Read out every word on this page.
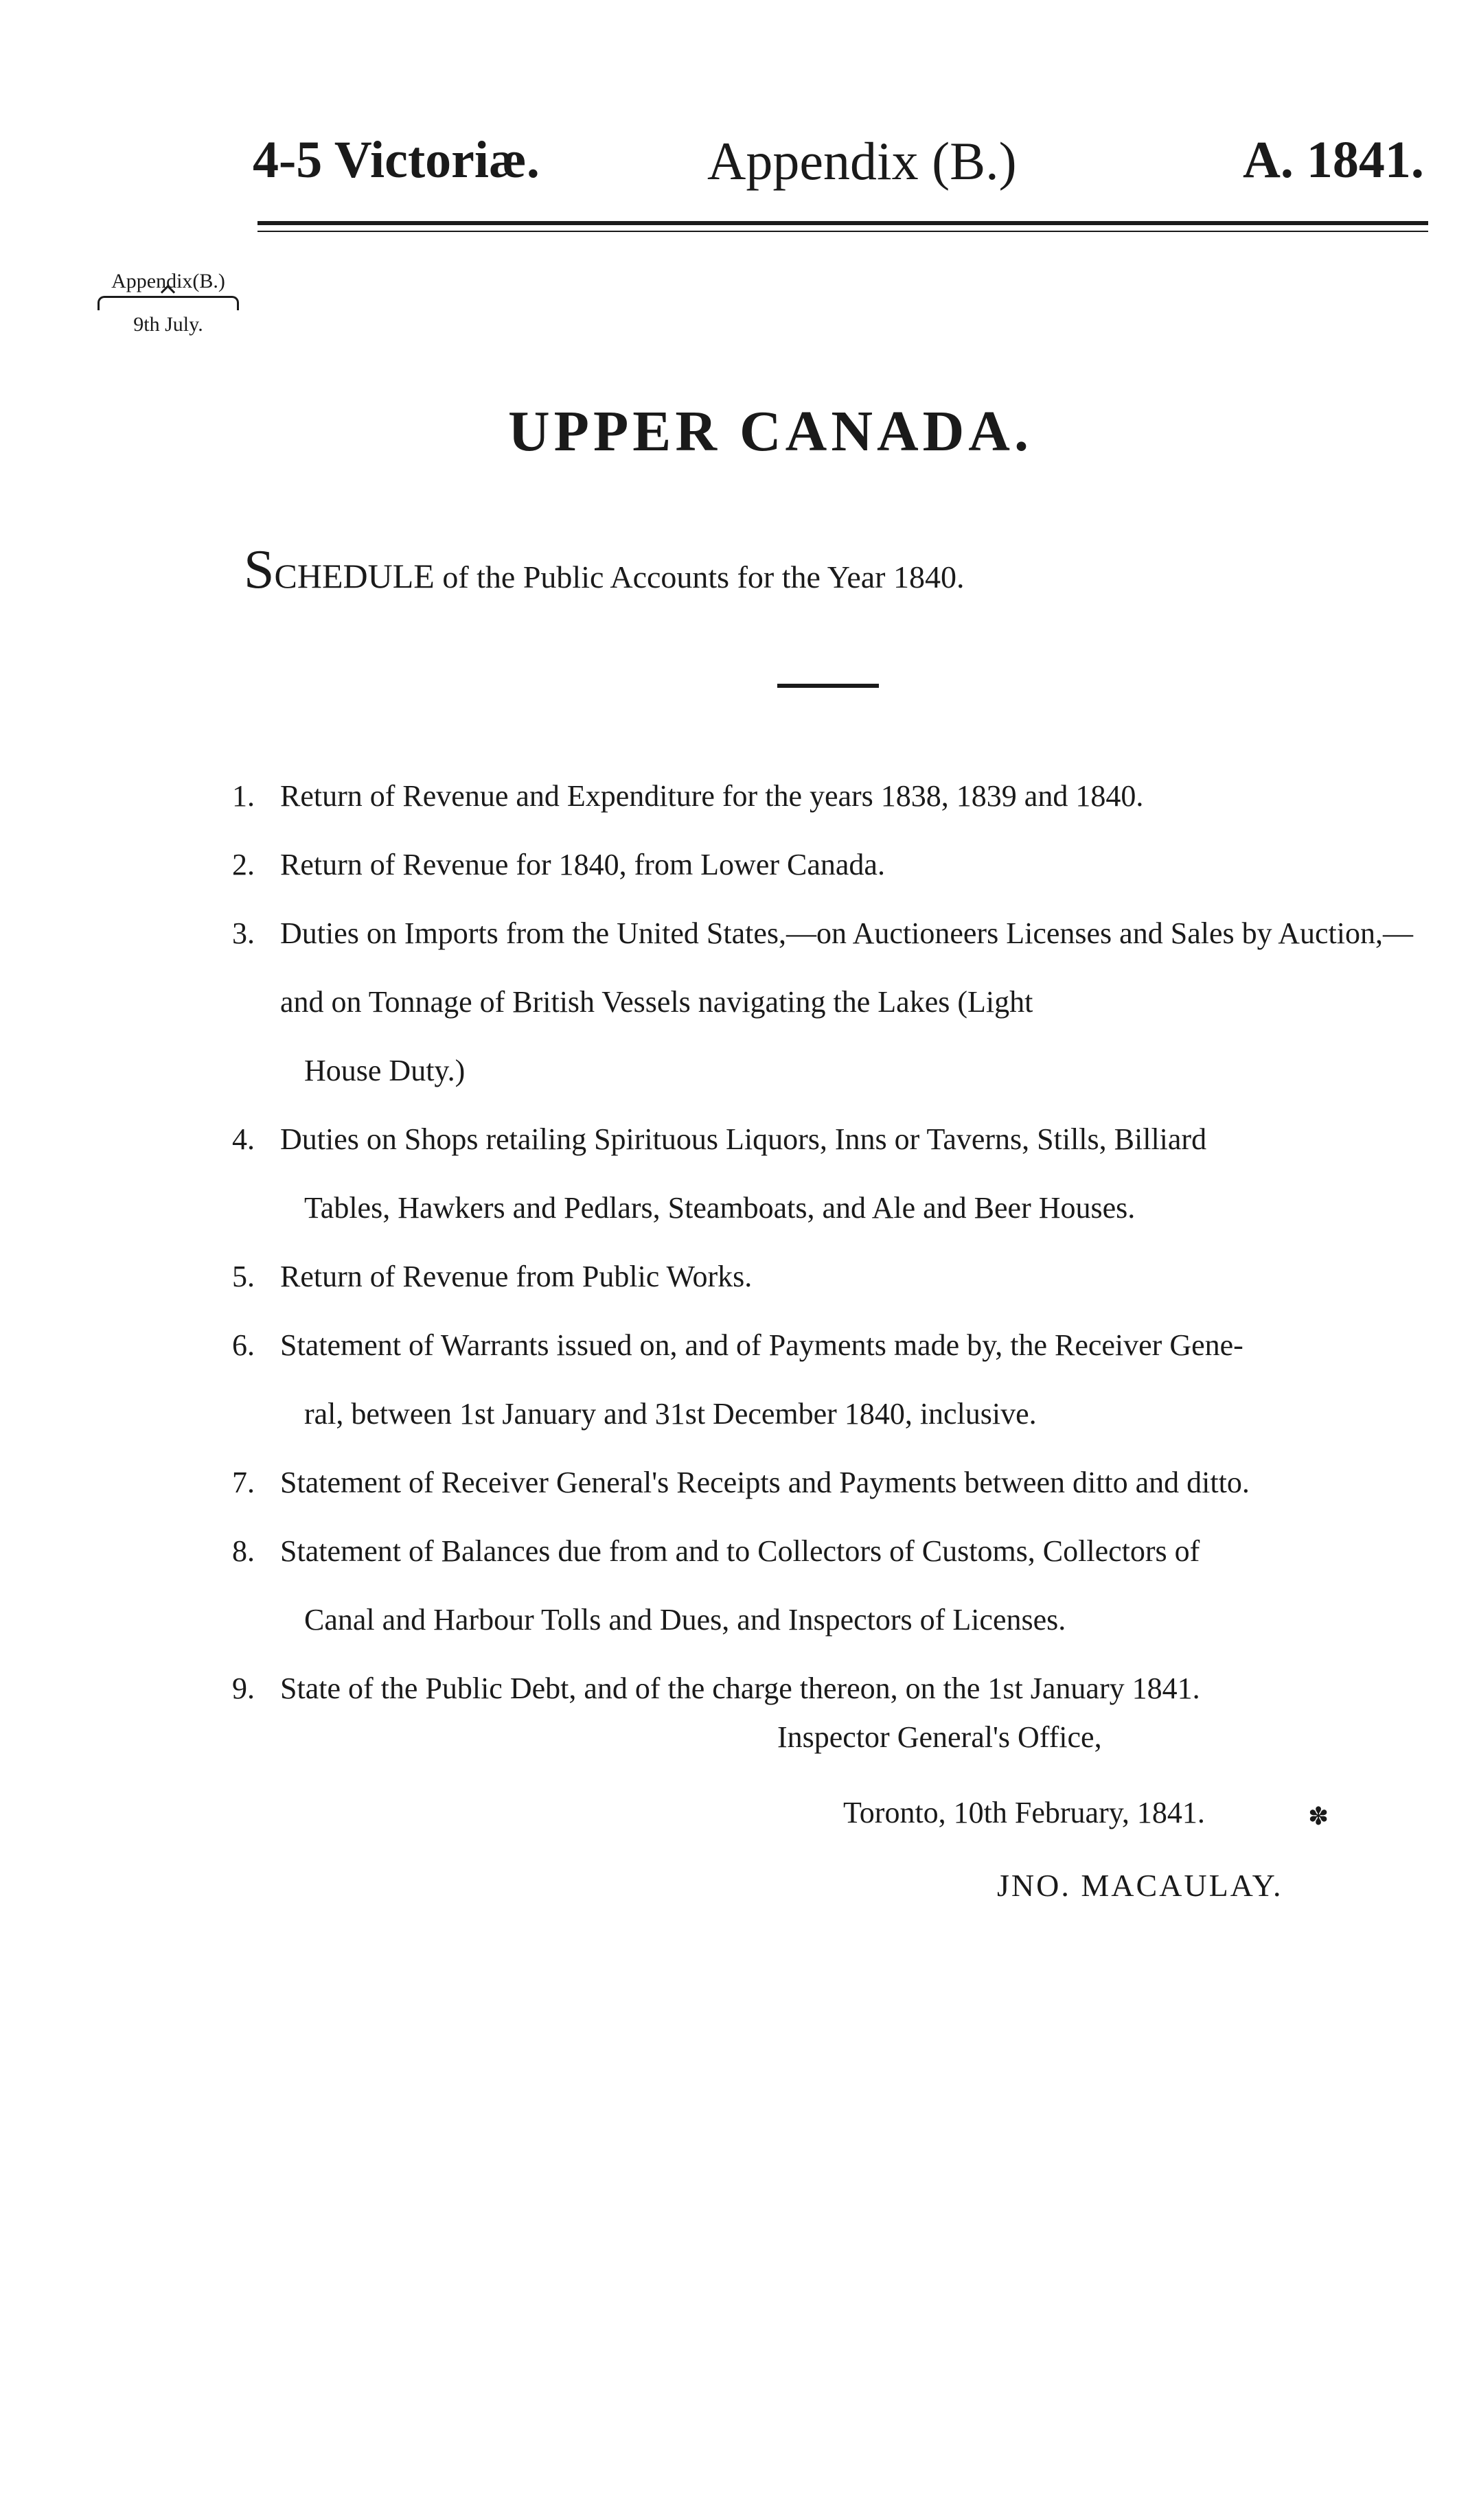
4-5 Victoriæ.	Appendix (B.)	A. 1841.
Appendix(B.)
9th July.
UPPER CANADA.
SCHEDULE of the Public Accounts for the Year 1840.
1. Return of Revenue and Expenditure for the years 1838, 1839 and 1840.
2. Return of Revenue for 1840, from Lower Canada.
3. Duties on Imports from the United States,—on Auctioneers Licenses and Sales by Auction,—and on Tonnage of British Vessels navigating the Lakes (Light
House Duty.)
4. Duties on Shops retailing Spirituous Liquors, Inns or Taverns, Stills, Billiard
Tables, Hawkers and Pedlars, Steamboats, and Ale and Beer Houses.
5. Return of Revenue from Public Works.
6. Statement of Warrants issued on, and of Payments made by, the Receiver Gene-
ral, between 1st January and 31st December 1840, inclusive.
7. Statement of Receiver General's Receipts and Payments between ditto and ditto.
8. Statement of Balances due from and to Collectors of Customs, Collectors of
Canal and Harbour Tolls and Dues, and Inspectors of Licenses.
9. State of the Public Debt, and of the charge thereon, on the 1st January 1841.
Inspector General's Office,
Toronto, 10th February, 1841.	✽
JNO. MACAULAY.
